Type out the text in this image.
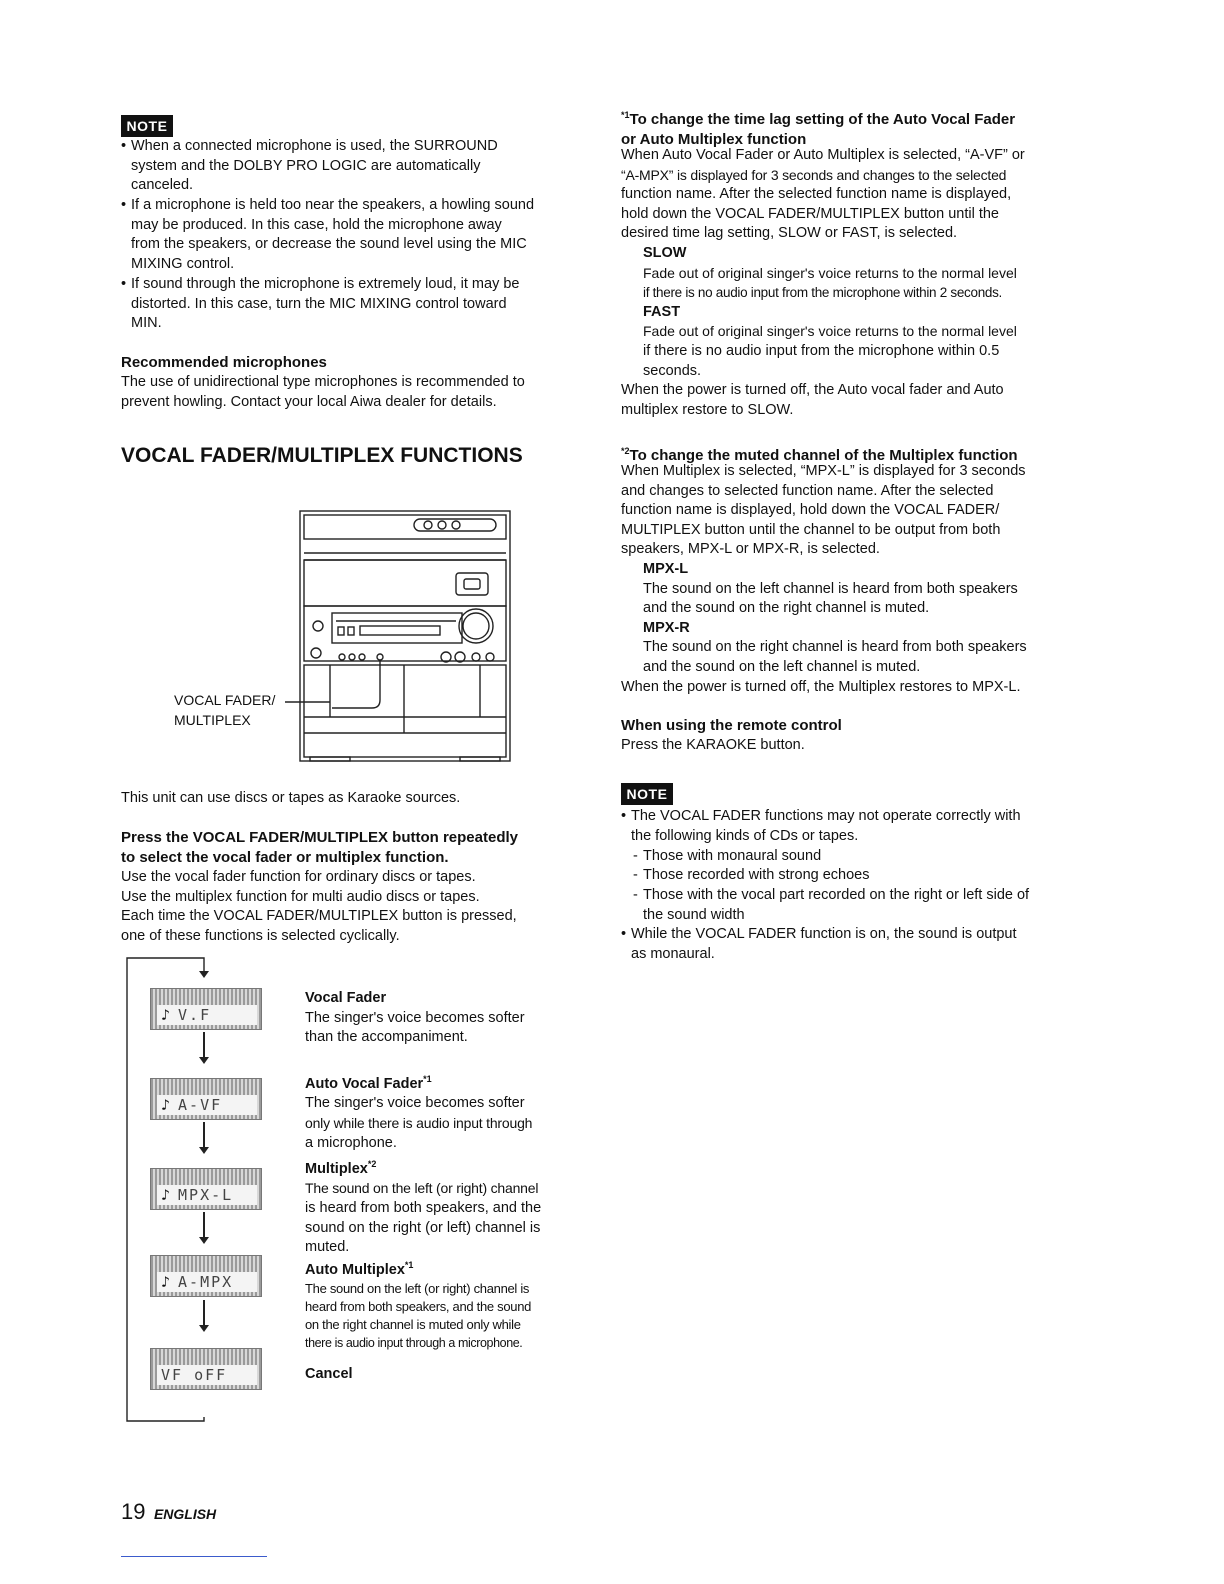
NOTE
• When a connected microphone is used, the SURROUND
system and the DOLBY PRO LOGIC are automatically
canceled.
• If a microphone is held too near the speakers, a howling sound
may be produced. In this case, hold the microphone away
from the speakers, or decrease the sound level using the MIC
MIXING control.
• If sound through the microphone is extremely loud, it may be
distorted. In this case, turn the MIC MIXING control toward
MIN.
Recommended microphones
The use of unidirectional type microphones is recommended to
prevent howling. Contact your local Aiwa dealer for details.
VOCAL FADER/MULTIPLEX FUNCTIONS
VOCAL FADER/
MULTIPLEX
This unit can use discs or tapes as Karaoke sources.
Press the VOCAL FADER/MULTIPLEX button repeatedly
to select the vocal fader or multiplex function.
Use the vocal fader function for ordinary discs or tapes.
Use the multiplex function for multi audio discs or tapes.
Each time the VOCAL FADER/MULTIPLEX button is pressed,
one of these functions is selected cyclically.
♪ V.F
♪ A-VF
♪ MPX-L
♪ A-MPX
VF oFF
Vocal Fader
The singer's voice becomes softer
than the accompaniment.
Auto Vocal Fader$^{*1}$
The singer's voice becomes softer
only while there is audio input through
a microphone.
Multiplex$^{*2}$
The sound on the left (or right) channel
is heard from both speakers, and the
sound on the right (or left) channel is
muted.
Auto Multiplex$^{*1}$
The sound on the left (or right) channel is
heard from both speakers, and the sound
on the right channel is muted only while
there is audio input through a microphone.
Cancel
19 ENGLISH
$^{*1}$To change the time lag setting of the Auto Vocal Fader
or Auto Multiplex function
When Auto Vocal Fader or Auto Multiplex is selected, “A-VF” or
“A-MPX” is displayed for 3 seconds and changes to the selected
function name. After the selected function name is displayed,
hold down the VOCAL FADER/MULTIPLEX button until the
desired time lag setting, SLOW or FAST, is selected.
SLOW
Fade out of original singer's voice returns to the normal level
if there is no audio input from the microphone within 2 seconds.
FAST
Fade out of original singer's voice returns to the normal level
if there is no audio input from the microphone within 0.5
seconds.
When the power is turned off, the Auto vocal fader and Auto
multiplex restore to SLOW.
$^{*2}$To change the muted channel of the Multiplex function
When Multiplex is selected, “MPX-L” is displayed for 3 seconds
and changes to selected function name. After the selected
function name is displayed, hold down the VOCAL FADER/
MULTIPLEX button until the channel to be output from both
speakers, MPX-L or MPX-R, is selected.
MPX-L
The sound on the left channel is heard from both speakers
and the sound on the right channel is muted.
MPX-R
The sound on the right channel is heard from both speakers
and the sound on the left channel is muted.
When the power is turned off, the Multiplex restores to MPX-L.
When using the remote control
Press the KARAOKE button.
NOTE
• The VOCAL FADER functions may not operate correctly with
the following kinds of CDs or tapes.
- Those with monaural sound
- Those recorded with strong echoes
- Those with the vocal part recorded on the right or left side of
the sound width
• While the VOCAL FADER function is on, the sound is output
as monaural.
